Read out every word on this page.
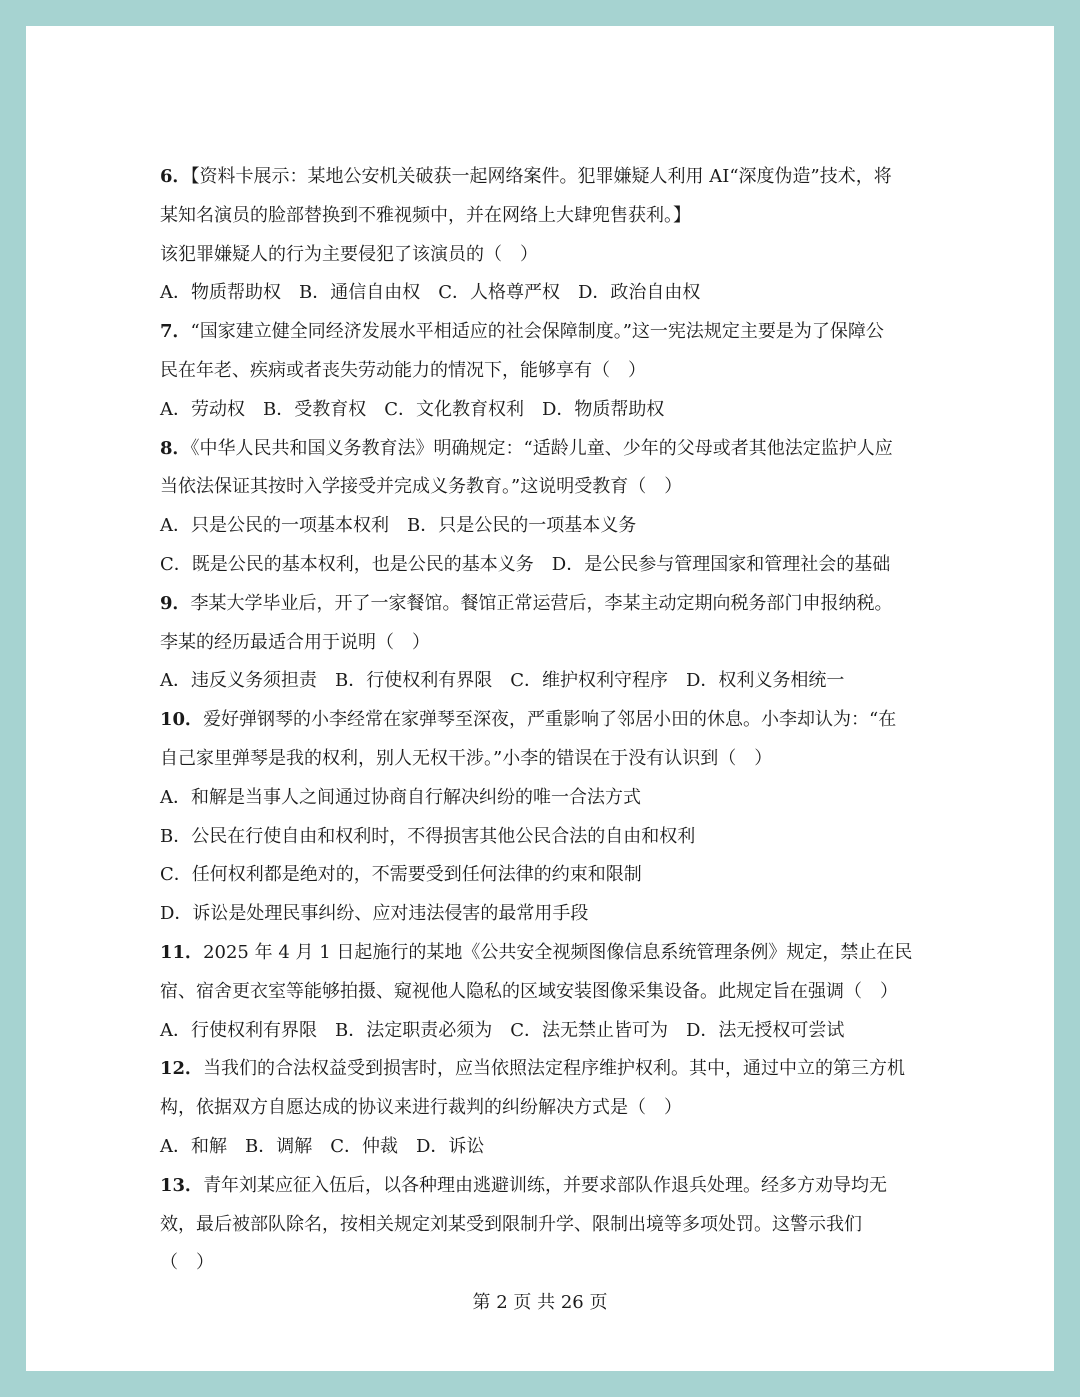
6．【资料卡展示：某地公安机关破获一起网络案件。犯罪嫌疑人利用 AI“深度伪造”技术，将
某知名演员的脸部替换到不雅视频中，并在网络上大肆兜售获利。】
该犯罪嫌疑人的行为主要侵犯了该演员的（　）
A．物质帮助权　B．通信自由权　C．人格尊严权　D．政治自由权
7．“国家建立健全同经济发展水平相适应的社会保障制度。”这一宪法规定主要是为了保障公
民在年老、疾病或者丧失劳动能力的情况下，能够享有（　）
A．劳动权　B．受教育权　C．文化教育权利　D．物质帮助权
8．《中华人民共和国义务教育法》明确规定：“适龄儿童、少年的父母或者其他法定监护人应
当依法保证其按时入学接受并完成义务教育。”这说明受教育（　）
A．只是公民的一项基本权利　B．只是公民的一项基本义务
C．既是公民的基本权利，也是公民的基本义务　D．是公民参与管理国家和管理社会的基础
9．李某大学毕业后，开了一家餐馆。餐馆正常运营后，李某主动定期向税务部门申报纳税。
李某的经历最适合用于说明（　）
A．违反义务须担责　B．行使权利有界限　C．维护权利守程序　D．权利义务相统一
10．爱好弹钢琴的小李经常在家弹琴至深夜，严重影响了邻居小田的休息。小李却认为：“在
自己家里弹琴是我的权利，别人无权干涉。”小李的错误在于没有认识到（　）
A．和解是当事人之间通过协商自行解决纠纷的唯一合法方式
B．公民在行使自由和权利时，不得损害其他公民合法的自由和权利
C．任何权利都是绝对的，不需要受到任何法律的约束和限制
D．诉讼是处理民事纠纷、应对违法侵害的最常用手段
11．2025 年 4 月 1 日起施行的某地《公共安全视频图像信息系统管理条例》规定，禁止在民
宿、宿舍更衣室等能够拍摄、窥视他人隐私的区域安装图像采集设备。此规定旨在强调（　）
A．行使权利有界限　B．法定职责必须为　C．法无禁止皆可为　D．法无授权可尝试
12．当我们的合法权益受到损害时，应当依照法定程序维护权利。其中，通过中立的第三方机
构，依据双方自愿达成的协议来进行裁判的纠纷解决方式是（　）
A．和解　B．调解　C．仲裁　D．诉讼
13．青年刘某应征入伍后，以各种理由逃避训练，并要求部队作退兵处理。经多方劝导均无
效，最后被部队除名，按相关规定刘某受到限制升学、限制出境等多项处罚。这警示我们
（　）
第 2 页 共 26 页
